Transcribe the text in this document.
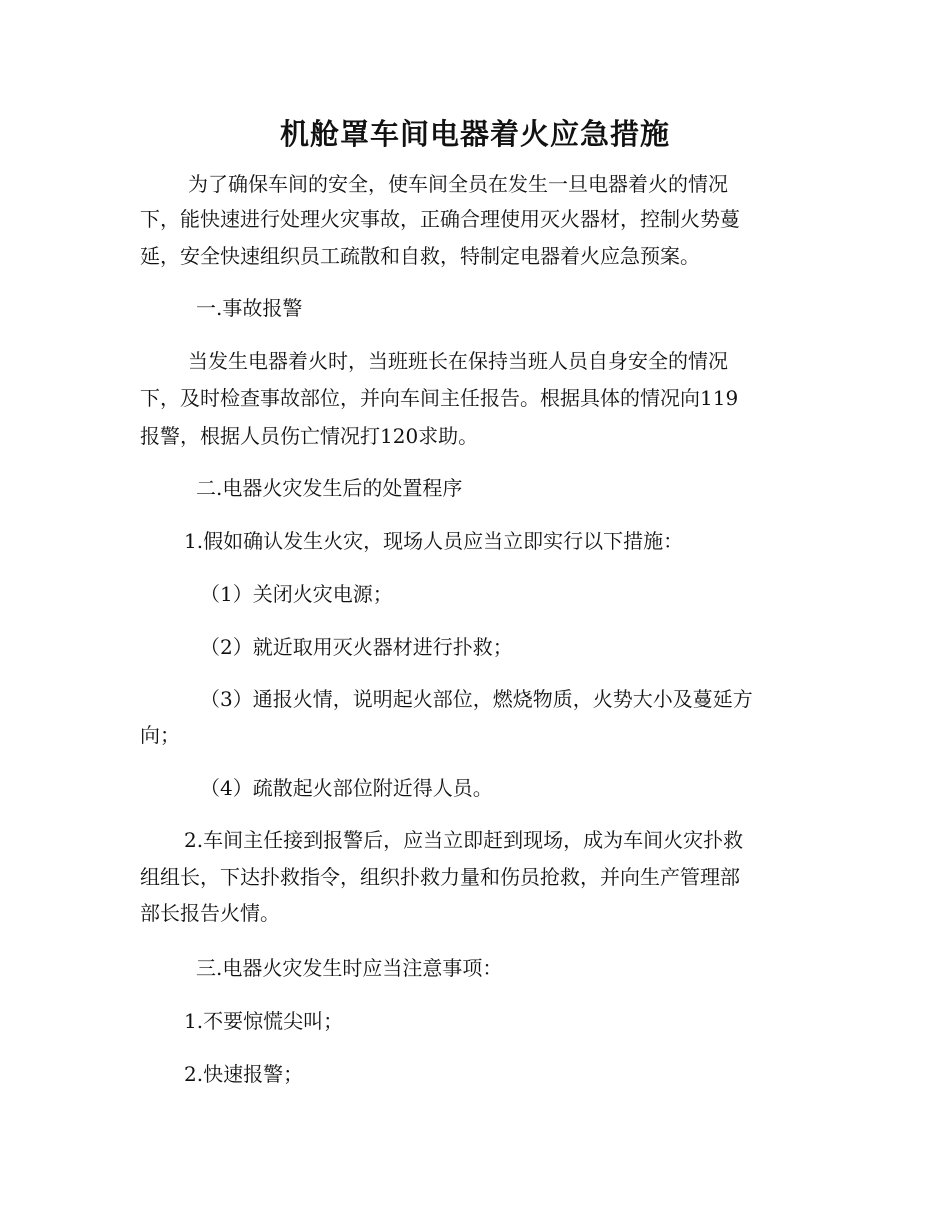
机舱罩车间电器着火应急措施
为了确保车间的安全，使车间全员在发生一旦电器着火的情况
下，能快速进行处理火灾事故，正确合理使用灭火器材，控制火势蔓
延，安全快速组织员工疏散和自救，特制定电器着火应急预案。
一.事故报警
当发生电器着火时，当班班长在保持当班人员自身安全的情况
下，及时检查事故部位，并向车间主任报告。根据具体的情况向119
报警，根据人员伤亡情况打120求助。
二.电器火灾发生后的处置程序
1.假如确认发生火灾，现场人员应当立即实行以下措施：
（1）关闭火灾电源；
（2）就近取用灭火器材进行扑救；
（3）通报火情，说明起火部位，燃烧物质，火势大小及蔓延方
向；
（4）疏散起火部位附近得人员。
2.车间主任接到报警后，应当立即赶到现场，成为车间火灾扑救
组组长，下达扑救指令，组织扑救力量和伤员抢救，并向生产管理部
部长报告火情。
三.电器火灾发生时应当注意事项：
1.不要惊慌尖叫；
2.快速报警；
